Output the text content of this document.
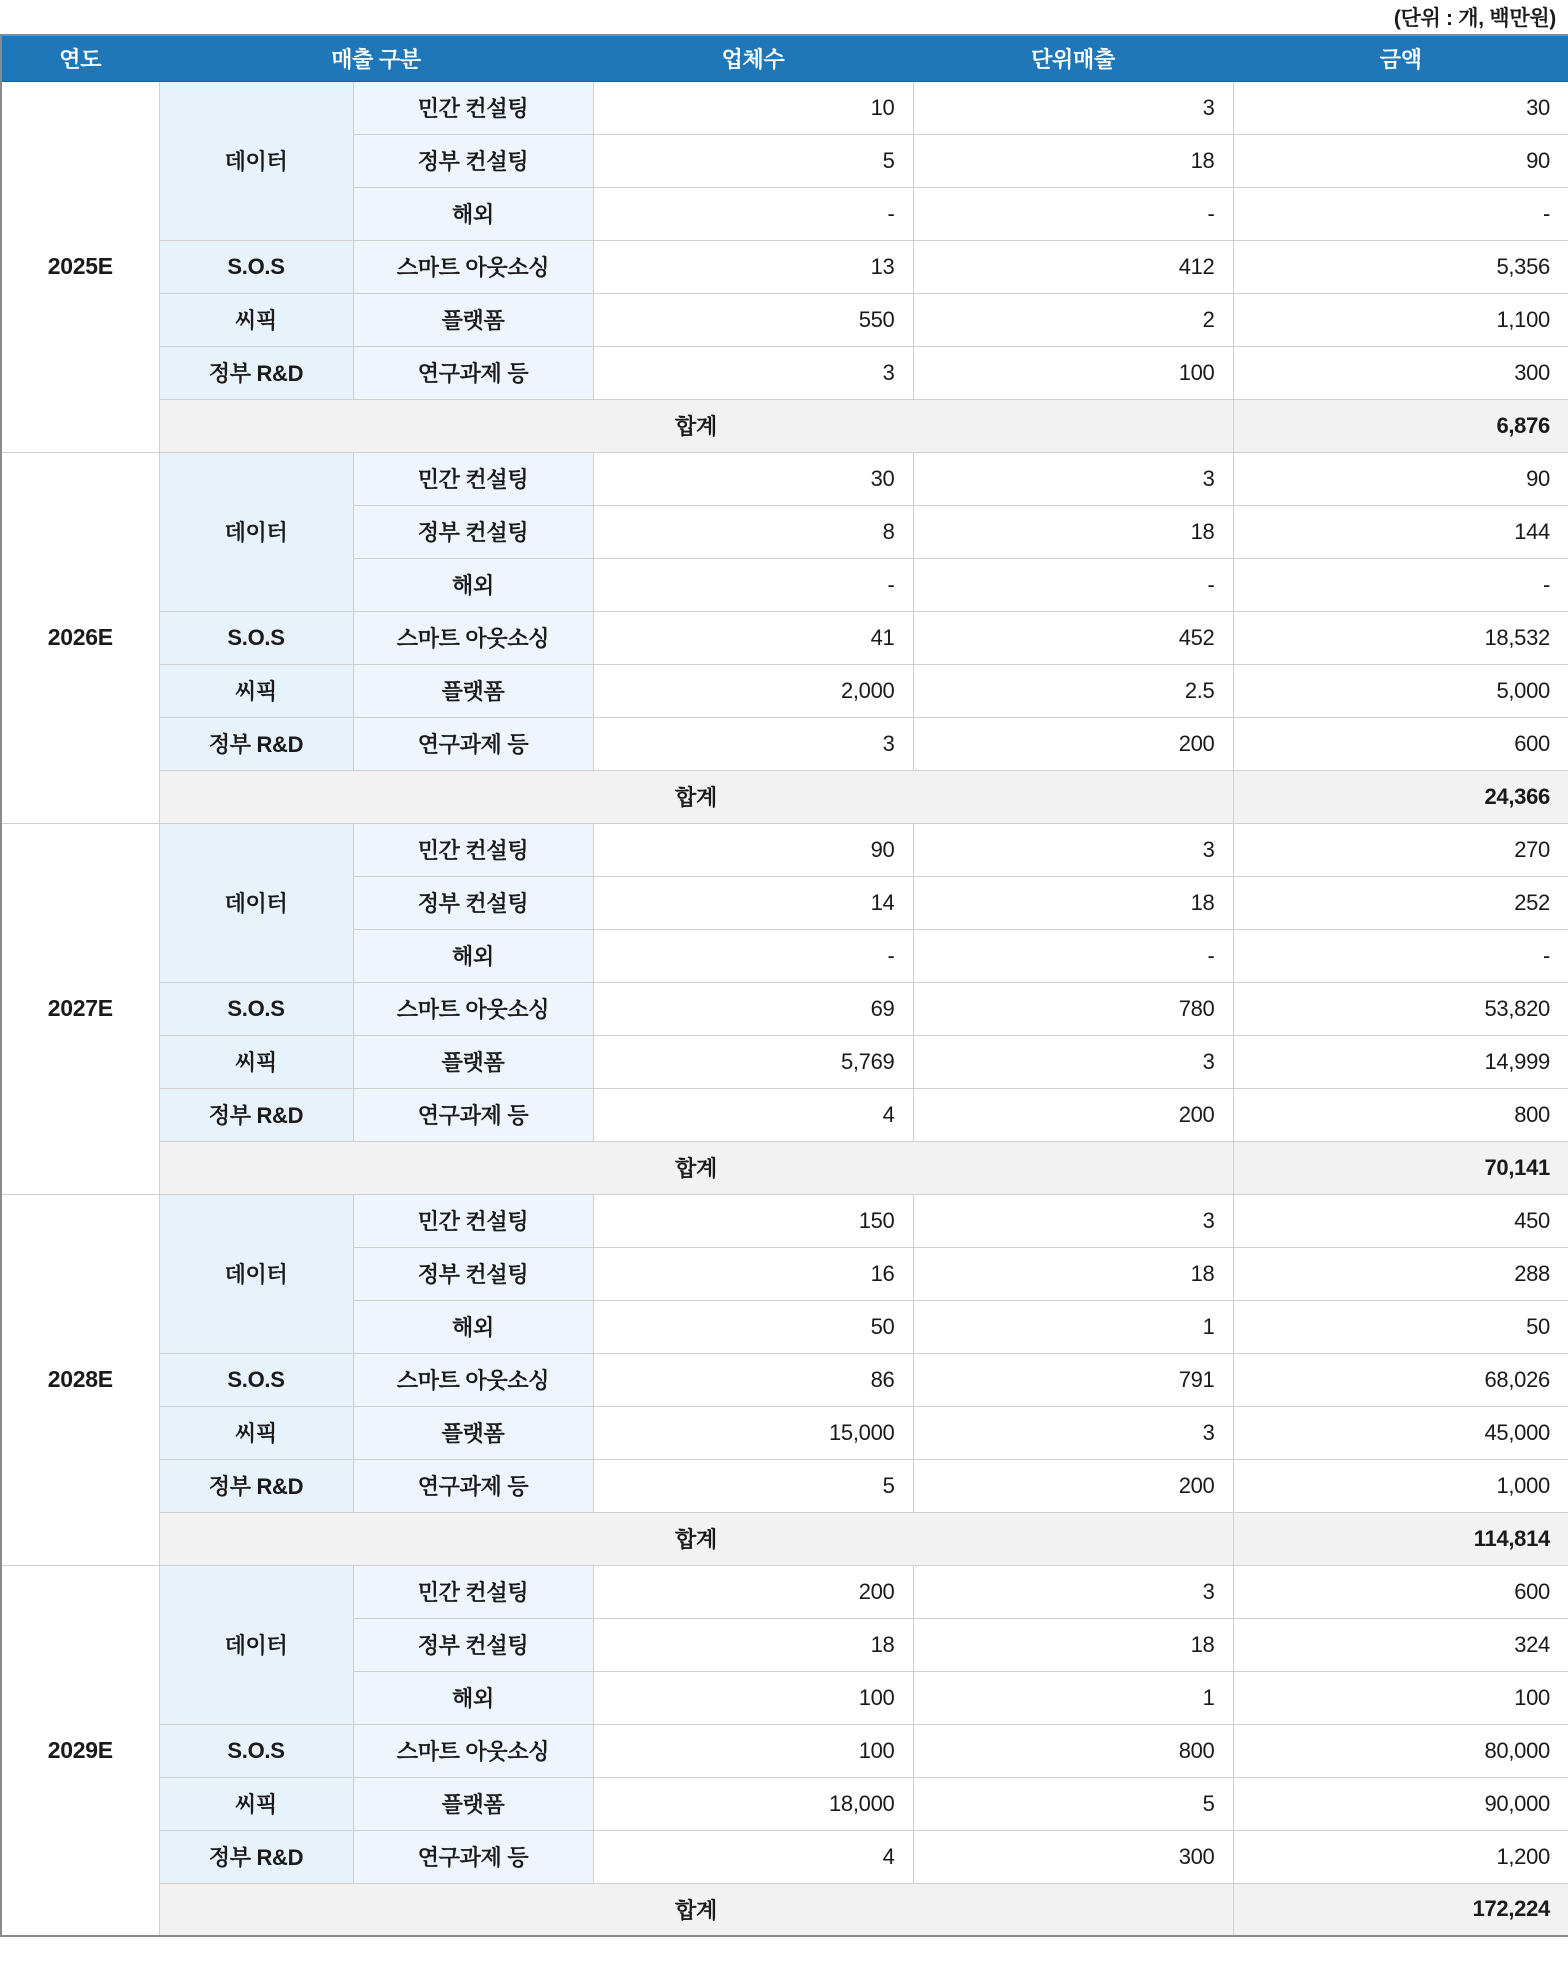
(단위 : 개, 백만원)
연도	매출 구분		업체수	단위매출	금액
2025E	데이터	민간 컨설팅	10	3	30
		정부 컨설팅	5	18	90
		해외	-	-	-
	S.O.S	스마트 아웃소싱	13	412	5,356
	씨픽	플랫폼	550	2	1,100
	정부 R&D	연구과제 등	3	100	300
	합계				6,876
2026E	데이터	민간 컨설팅	30	3	90
		정부 컨설팅	8	18	144
		해외	-	-	-
	S.O.S	스마트 아웃소싱	41	452	18,532
	씨픽	플랫폼	2,000	2.5	5,000
	정부 R&D	연구과제 등	3	200	600
	합계				24,366
2027E	데이터	민간 컨설팅	90	3	270
		정부 컨설팅	14	18	252
		해외	-	-	-
	S.O.S	스마트 아웃소싱	69	780	53,820
	씨픽	플랫폼	5,769	3	14,999
	정부 R&D	연구과제 등	4	200	800
	합계				70,141
2028E	데이터	민간 컨설팅	150	3	450
		정부 컨설팅	16	18	288
		해외	50	1	50
	S.O.S	스마트 아웃소싱	86	791	68,026
	씨픽	플랫폼	15,000	3	45,000
	정부 R&D	연구과제 등	5	200	1,000
	합계				114,814
2029E	데이터	민간 컨설팅	200	3	600
		정부 컨설팅	18	18	324
		해외	100	1	100
	S.O.S	스마트 아웃소싱	100	800	80,000
	씨픽	플랫폼	18,000	5	90,000
	정부 R&D	연구과제 등	4	300	1,200
	합계				172,224
